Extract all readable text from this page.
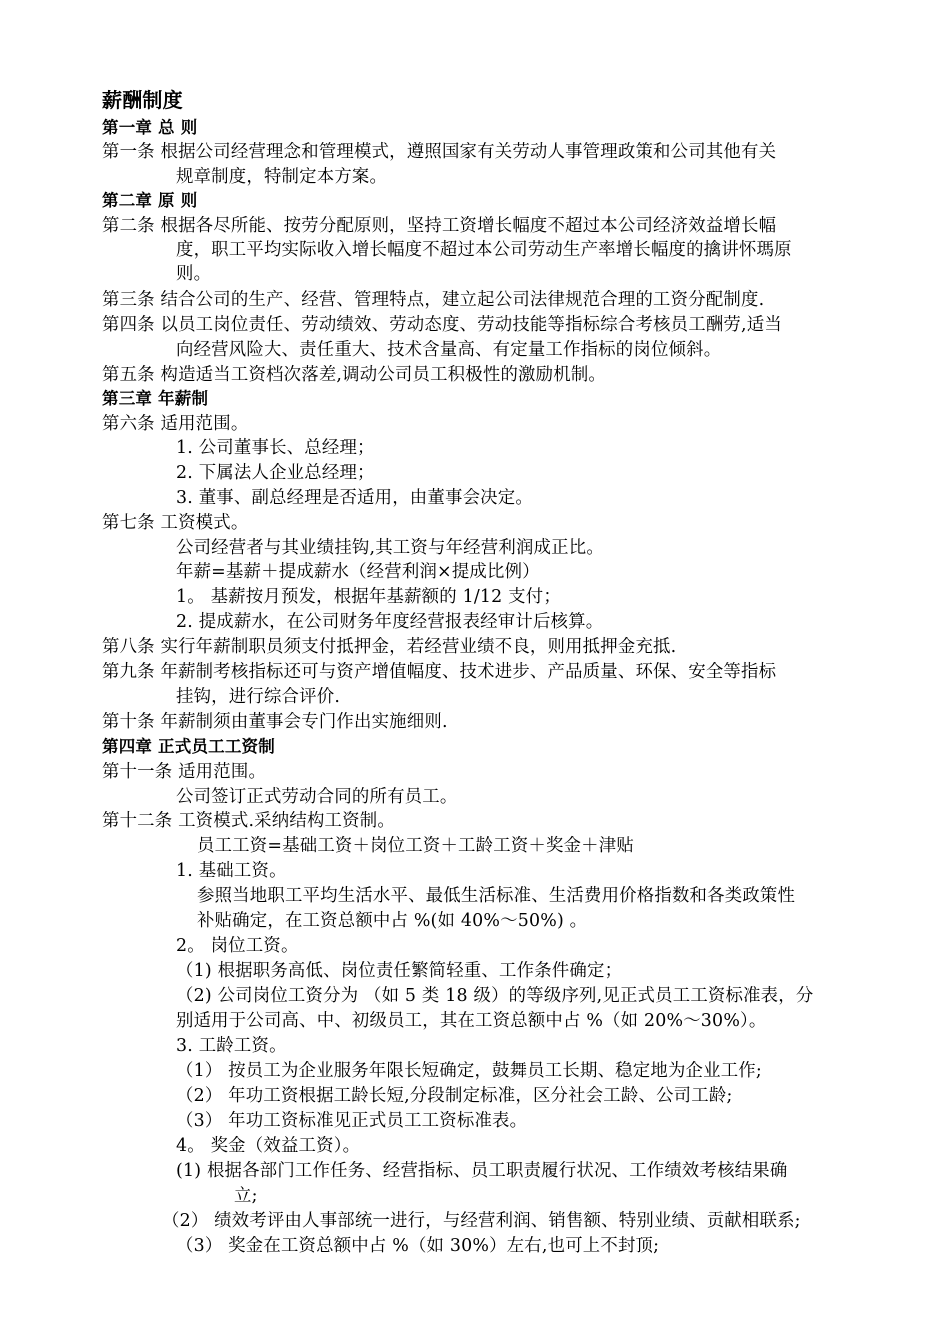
薪酬制度
第一章 总 则
第一条 根据公司经营理念和管理模式，遵照国家有关劳动人事管理政策和公司其他有关
规章制度，特制定本方案。
第二章 原 则
第二条 根据各尽所能、按劳分配原则，坚持工资增长幅度不超过本公司经济效益增长幅
度，职工平均实际收入增长幅度不超过本公司劳动生产率增长幅度的擒讲怀瑪原
则。
第三条 结合公司的生产、经营、管理特点，建立起公司法律规范合理的工资分配制度.
第四条 以员工岗位责任、劳动绩效、劳动态度、劳动技能等指标综合考核员工酬劳,适当
向经营风险大、责任重大、技术含量高、有定量工作指标的岗位倾斜。
第五条 构造适当工资档次落差,调动公司员工积极性的激励机制。
第三章 年薪制
第六条 适用范围。
1. 公司董事长、总经理；
2. 下属法人企业总经理；
3. 董事、副总经理是否适用，由董事会决定。
第七条 工资模式。
公司经营者与其业绩挂钩,其工资与年经营利润成正比。
年薪=基薪＋提成薪水（经营利润×提成比例）
1。 基薪按月预发，根据年基薪额的 1/12 支付；
2. 提成薪水，在公司财务年度经营报表经审计后核算。
第八条 实行年薪制职员须支付抵押金，若经营业绩不良，则用抵押金充抵.
第九条 年薪制考核指标还可与资产增值幅度、技术进步、产品质量、环保、安全等指标
挂钩，进行综合评价.
第十条 年薪制须由董事会专门作出实施细则.
第四章 正式员工工资制
第十一条 适用范围。
公司签订正式劳动合同的所有员工。
第十二条 工资模式.采纳结构工资制。
员工工资=基础工资＋岗位工资＋工龄工资＋奖金＋津贴
1. 基础工资。
参照当地职工平均生活水平、最低生活标准、生活费用价格指数和各类政策性
补贴确定，在工资总额中占 %(如 40%～50%) 。
2。 岗位工资。
（1) 根据职务高低、岗位责任繁简轻重、工作条件确定；
（2) 公司岗位工资分为 （如 5 类 18 级）的等级序列,见正式员工工资标准表，分
别适用于公司高、中、初级员工，其在工资总额中占 %（如 20%～30%）。
3. 工龄工资。
（1） 按员工为企业服务年限长短确定，鼓舞员工长期、稳定地为企业工作;
（2） 年功工资根据工龄长短,分段制定标准，区分社会工龄、公司工龄;
（3） 年功工资标准见正式员工工资标准表。
4。 奖金（效益工资）。
(1) 根据各部门工作任务、经营指标、员工职责履行状况、工作绩效考核结果确
立;
（2） 绩效考评由人事部统一进行，与经营利润、销售额、特别业绩、贡献相联系;
（3） 奖金在工资总额中占 %（如 30%）左右,也可上不封顶;
